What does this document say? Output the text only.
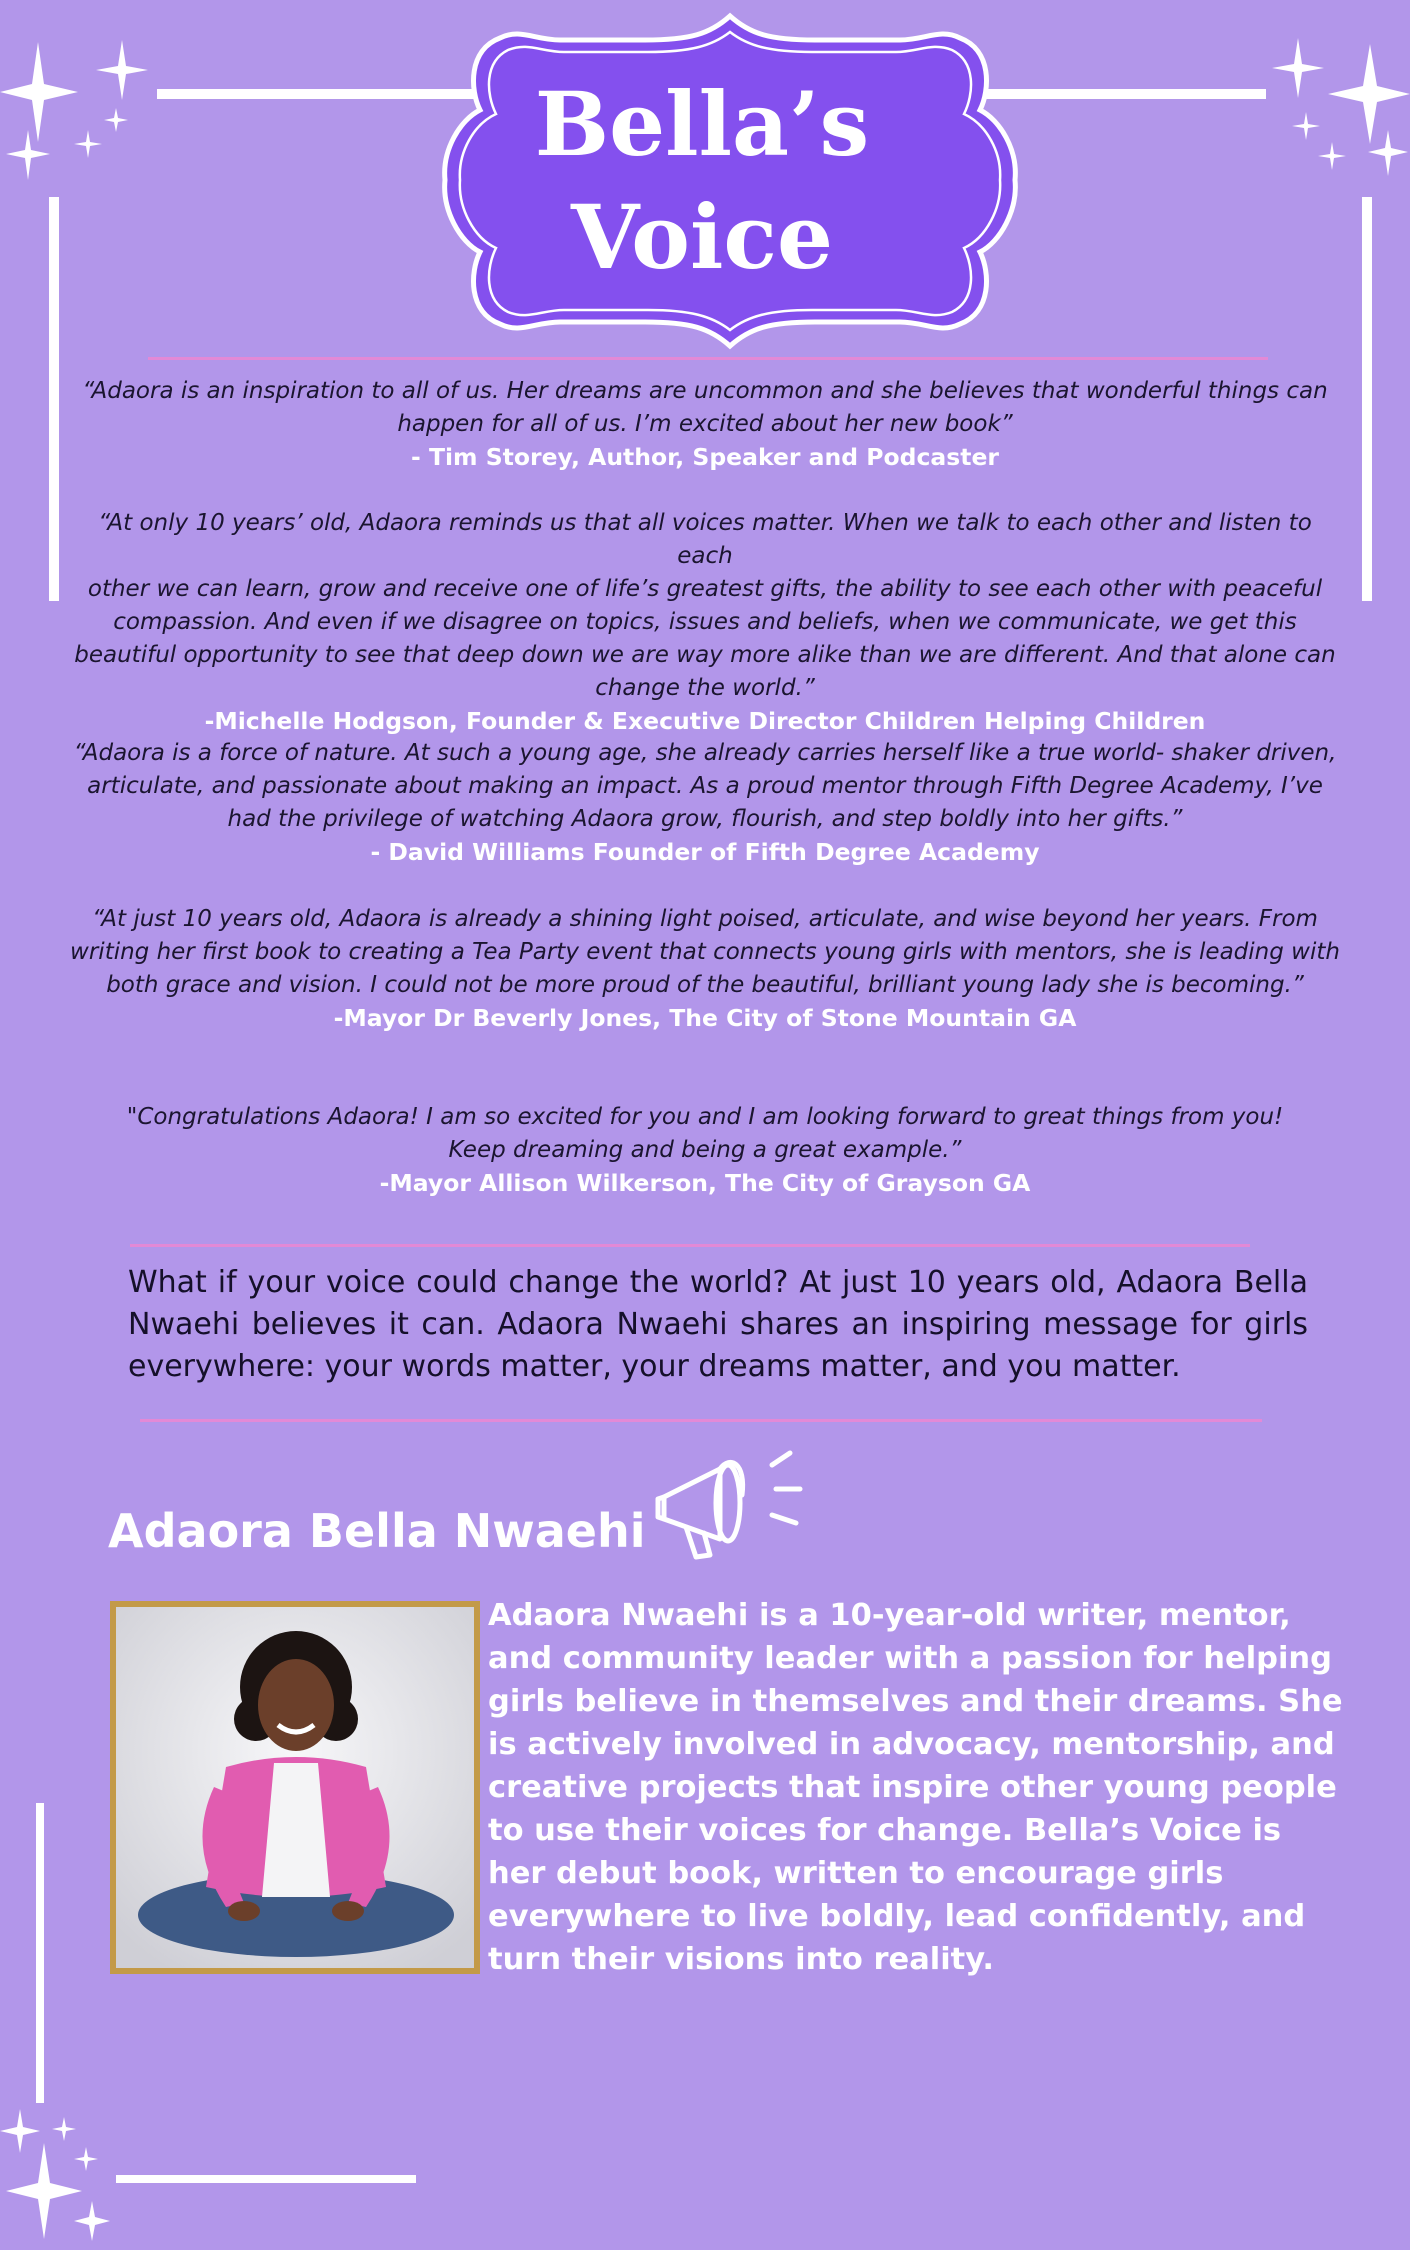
Bella’s
Voice
“Adaora is an inspiration to all of us. Her dreams are uncommon and she believes that wonderful things can
happen for all of us. I’m excited about her new book”
- Tim Storey, Author, Speaker and Podcaster
“At only 10 years’ old, Adaora reminds us that all voices matter. When we talk to each other and listen to each
other we can learn, grow and receive one of life’s greatest gifts, the ability to see each other with peaceful
compassion. And even if we disagree on topics, issues and beliefs, when we communicate, we get this
beautiful opportunity to see that deep down we are way more alike than we are different. And that alone can
change the world.”
-Michelle Hodgson, Founder & Executive Director Children Helping Children
“Adaora is a force of nature. At such a young age, she already carries herself like a true world- shaker driven,
articulate, and passionate about making an impact. As a proud mentor through Fifth Degree Academy, I’ve
had the privilege of watching Adaora grow, flourish, and step boldly into her gifts.”
- David Williams Founder of Fifth Degree Academy
“At just 10 years old, Adaora is already a shining light poised, articulate, and wise beyond her years. From
writing her first book to creating a Tea Party event that connects young girls with mentors, she is leading with
both grace and vision. I could not be more proud of the beautiful, brilliant young lady she is becoming.”
-Mayor Dr Beverly Jones, The City of Stone Mountain GA
"Congratulations Adaora! I am so excited for you and I am looking forward to great things from you!
Keep dreaming and being a great example.”
-Mayor Allison Wilkerson, The City of Grayson GA
What if your voice could change the world? At just 10 years old, Adaora Bella Nwaehi believes it can. Adaora Nwaehi shares an inspiring message for girls everywhere: your words matter, your dreams matter, and you matter.
Adaora Bella Nwaehi
Adaora Nwaehi is a 10-year-old writer, mentor, and community leader with a passion for helping girls believe in themselves and their dreams. She is actively involved in advocacy, mentorship, and creative projects that inspire other young people to use their voices for change. Bella’s Voice is her debut book, written to encourage girls everywhere to live boldly, lead confidently, and turn their visions into reality.
